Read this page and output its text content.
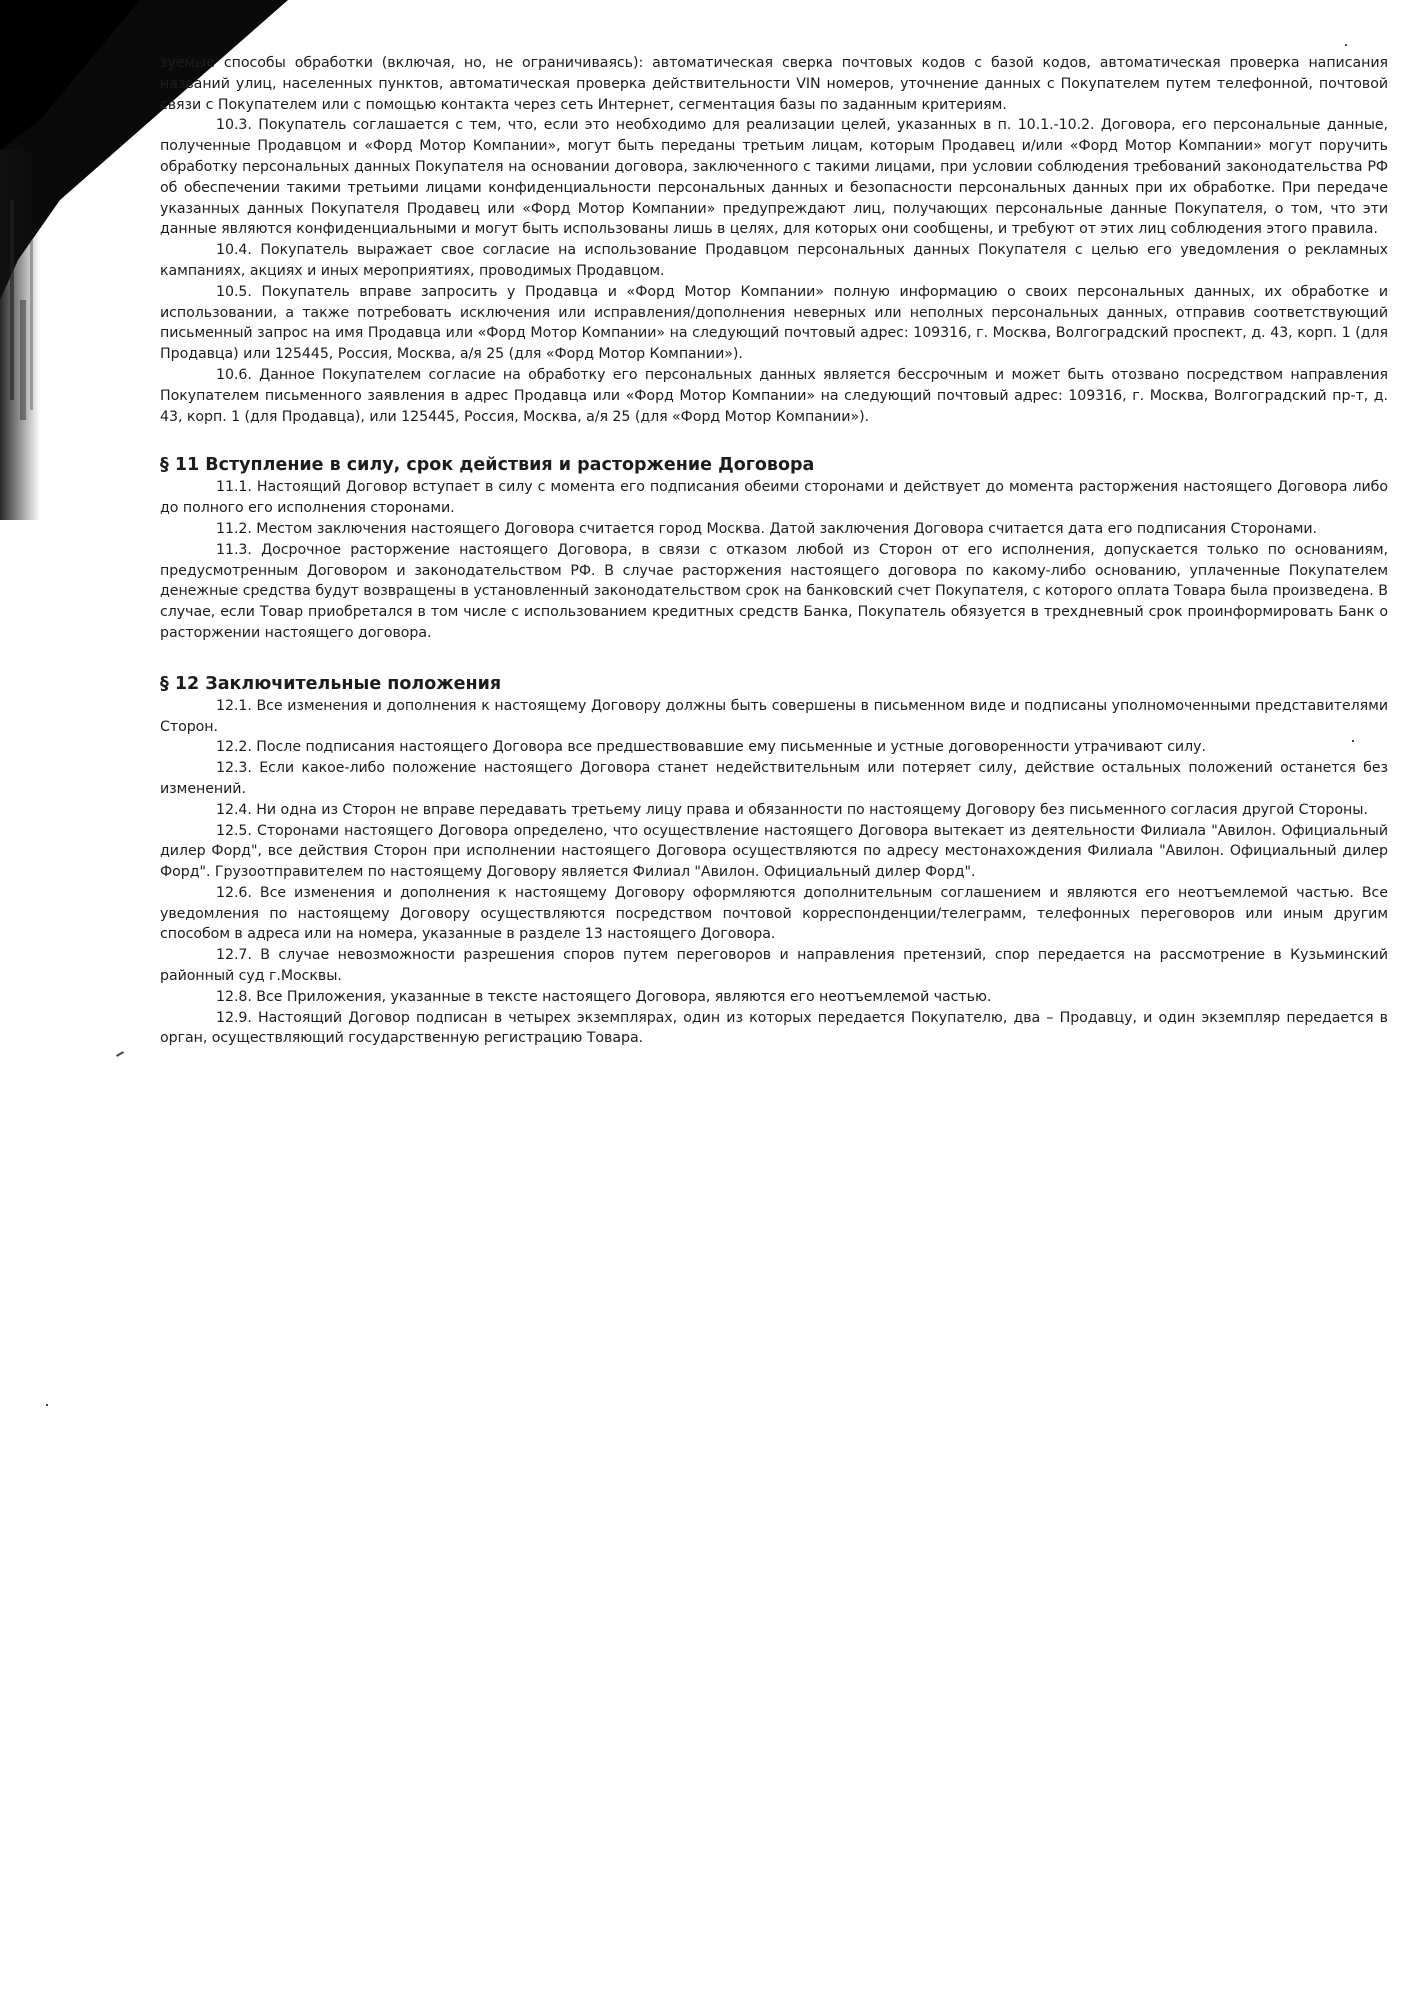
зуемые способы обработки (включая, но, не ограничиваясь): автоматическая сверка почтовых кодов с базой кодов, автоматическая проверка написания названий улиц, населенных пунктов, автоматическая проверка действительности VIN номеров, уточнение данных с Покупателем путем телефонной, почтовой связи с Покупателем или с помощью контакта через сеть Интернет, сегментация базы по заданным критериям.

10.3. Покупатель соглашается с тем, что, если это необходимо для реализации целей, указанных в п. 10.1.-10.2. Договора, его персональные данные, полученные Продавцом и «Форд Мотор Компании», могут быть переданы третьим лицам, которым Продавец и/или «Форд Мотор Компании» могут поручить обработку персональных данных Покупателя на основании договора, заключенного с такими лицами, при условии соблюдения требований законодательства РФ об обеспечении такими третьими лицами конфиденциальности персональных данных и безопасности персональных данных при их обработке. При передаче указанных данных Покупателя Продавец или «Форд Мотор Компании» предупреждают лиц, получающих персональные данные Покупателя, о том, что эти данные являются конфиденциальными и могут быть использованы лишь в целях, для которых они сообщены, и требуют от этих лиц соблюдения этого правила.

10.4. Покупатель выражает свое согласие на использование Продавцом персональных данных Покупателя с целью его уведомления о рекламных кампаниях, акциях и иных мероприятиях, проводимых Продавцом.

10.5. Покупатель вправе запросить у Продавца и «Форд Мотор Компании» полную информацию о своих персональных данных, их обработке и использовании, а также потребовать исключения или исправления/дополнения неверных или неполных персональных данных, отправив соответствующий письменный запрос на имя Продавца или «Форд Мотор Компании» на следующий почтовый адрес: 109316, г. Москва, Волгоградский проспект, д. 43, корп. 1 (для Продавца) или 125445, Россия, Москва, а/я 25 (для «Форд Мотор Компании»).

10.6. Данное Покупателем согласие на обработку его персональных данных является бессрочным и может быть отозвано посредством направления Покупателем письменного заявления в адрес Продавца или «Форд Мотор Компании» на следующий почтовый адрес: 109316, г. Москва, Волгоградский пр-т, д. 43, корп. 1 (для Продавца), или 125445, Россия, Москва, а/я 25 (для «Форд Мотор Компании»).

§ 11 Вступление в силу, срок действия и расторжение Договора

11.1. Настоящий Договор вступает в силу с момента его подписания обеими сторонами и действует до момента расторжения настоящего Договора либо до полного его исполнения сторонами.

11.2. Местом заключения настоящего Договора считается город Москва. Датой заключения Договора считается дата его подписания Сторонами.

11.3. Досрочное расторжение настоящего Договора, в связи с отказом любой из Сторон от его исполнения, допускается только по основаниям, предусмотренным Договором и законодательством РФ. В случае расторжения настоящего договора по какому-либо основанию, уплаченные Покупателем денежные средства будут возвращены в установленный законодательством срок на банковский счет Покупателя, с которого оплата Товара была произведена. В случае, если Товар приобретался в том числе с использованием кредитных средств Банка, Покупатель обязуется в трехдневный срок проинформировать Банк о расторжении настоящего договора.

§ 12 Заключительные положения

12.1. Все изменения и дополнения к настоящему Договору должны быть совершены в письменном виде и подписаны уполномоченными представителями Сторон.

12.2. После подписания настоящего Договора все предшествовавшие ему письменные и устные договоренности утрачивают силу.

12.3. Если какое-либо положение настоящего Договора станет недействительным или потеряет силу, действие остальных положений останется без изменений.

12.4. Ни одна из Сторон не вправе передавать третьему лицу права и обязанности по настоящему Договору без письменного согласия другой Стороны.

12.5. Сторонами настоящего Договора определено, что осуществление настоящего Договора вытекает из деятельности Филиала "Авилон. Официальный дилер Форд", все действия Сторон при исполнении настоящего Договора осуществляются по адресу местонахождения Филиала "Авилон. Официальный дилер Форд". Грузоотправителем по настоящему Договору является Филиал "Авилон. Официальный дилер Форд".

12.6. Все изменения и дополнения к настоящему Договору оформляются дополнительным соглашением и являются его неотъемлемой частью. Все уведомления по настоящему Договору осуществляются посредством почтовой корреспонденции/телеграмм, телефонных переговоров или иным другим способом в адреса или на номера, указанные в разделе 13 настоящего Договора.

12.7. В случае невозможности разрешения споров путем переговоров и направления претензий, спор передается на рассмотрение в Кузьминский районный суд г.Москвы.

12.8. Все Приложения, указанные в тексте настоящего Договора, являются его неотъемлемой частью.

12.9. Настоящий Договор подписан в четырех экземплярах, один из которых передается Покупателю, два – Продавцу, и один экземпляр передается в орган, осуществляющий государственную регистрацию Товара.
